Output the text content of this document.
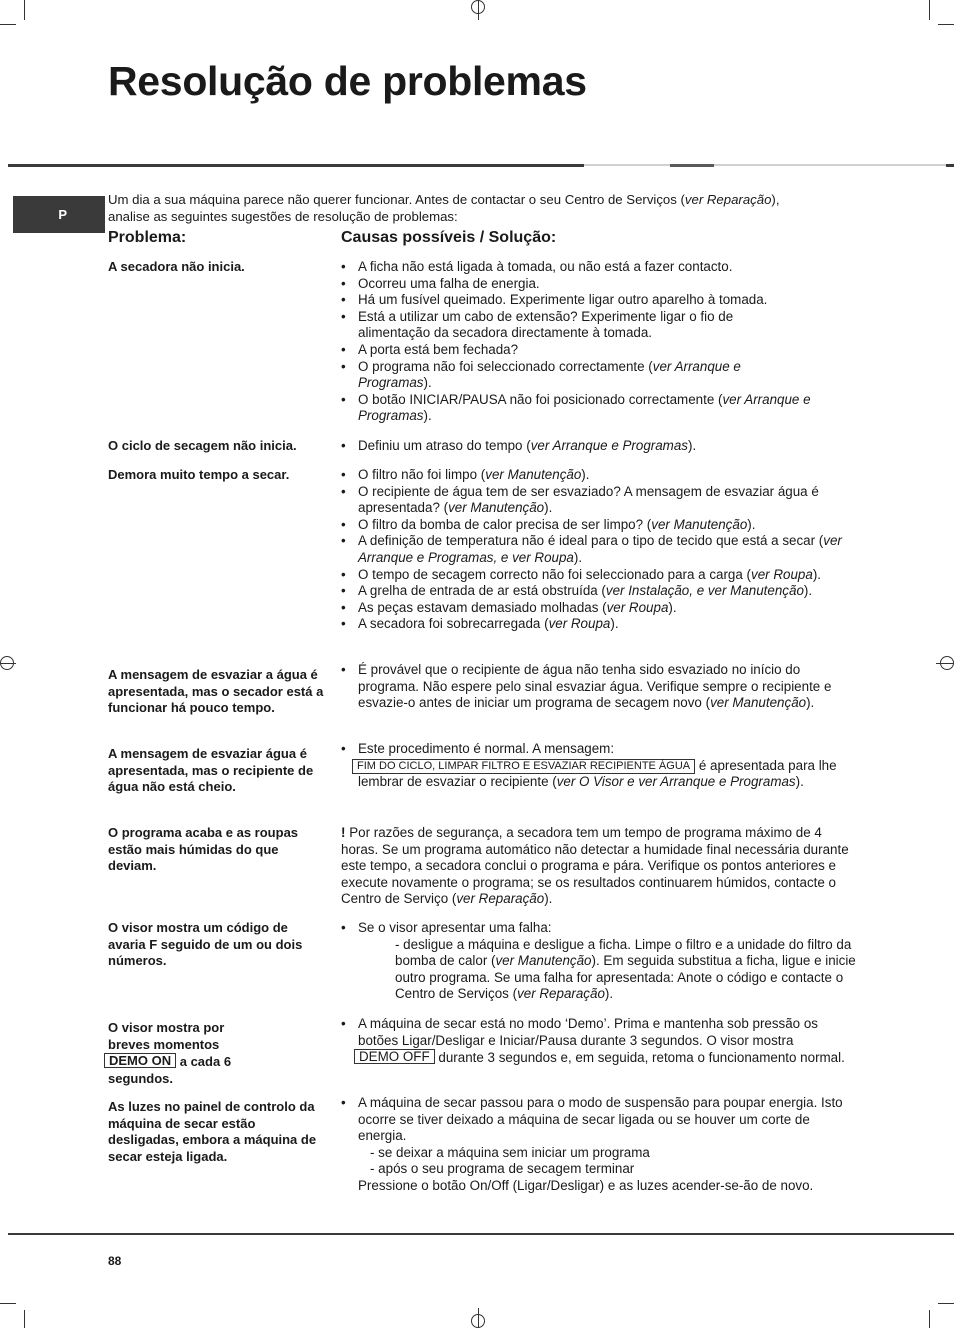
Resolução de problemas
P
Um dia a sua máquina parece não querer funcionar. Antes de contactar o seu Centro de Serviços (ver Reparação), analise as seguintes sugestões de resolução de problemas:
Problema:	Causas possíveis / Solução:
A secadora não inicia.	• A ficha não está ligada à tomada, ou não está a fazer contacto.
• Ocorreu uma falha de energia.
• Há um fusível queimado. Experimente ligar outro aparelho à tomada.
• Está a utilizar um cabo de extensão? Experimente ligar o fio de alimentação da secadora directamente à tomada.
• A porta está bem fechada?
• O programa não foi seleccionado correctamente (ver Arranque e Programas).
• O botão INICIAR/PAUSA não foi posicionado correctamente (ver Arranque e Programas).
O ciclo de secagem não inicia.	• Definiu um atraso do tempo (ver Arranque e Programas).
Demora muito tempo a secar.	• O filtro não foi limpo (ver Manutenção).
• O recipiente de água tem de ser esvaziado? A mensagem de esvaziar água é apresentada? (ver Manutenção).
• O filtro da bomba de calor precisa de ser limpo? (ver Manutenção).
• A definição de temperatura não é ideal para o tipo de tecido que está a secar (ver Arranque e Programas, e ver Roupa).
• O tempo de secagem correcto não foi seleccionado para a carga (ver Roupa).
• A grelha de entrada de ar está obstruída (ver Instalação, e ver Manutenção).
• As peças estavam demasiado molhadas (ver Roupa).
• A secadora foi sobrecarregada (ver Roupa).
A mensagem de esvaziar a água é apresentada, mas o secador está a funcionar há pouco tempo.
• É provável que o recipiente de água não tenha sido esvaziado no início do programa. Não espere pelo sinal esvaziar água. Verifique sempre o recipiente e esvazie-o antes de iniciar um programa de secagem novo (ver Manutenção).
A mensagem de esvaziar água é apresentada, mas o recipiente de água não está cheio.
• Este procedimento é normal. A mensagem:
FIM DO CICLO, LIMPAR FILTRO E ESVAZIAR RECIPIENTE ÁGUA é apresentada para lhe lembrar de esvaziar o recipiente (ver O Visor e ver Arranque e Programas).
O programa acaba e as roupas estão mais húmidas do que deviam.
! Por razões de segurança, a secadora tem um tempo de programa máximo de 4 horas. Se um programa automático não detectar a humidade final necessária durante este tempo, a secadora conclui o programa e pára. Verifique os pontos anteriores e execute novamente o programa; se os resultados continuarem húmidos, contacte o Centro de Serviço (ver Reparação).
O visor mostra um código de avaria F seguido de um ou dois números.
• Se o visor apresentar uma falha:
- desligue a máquina e desligue a ficha. Limpe o filtro e a unidade do filtro da bomba de calor (ver Manutenção). Em seguida substitua a ficha, ligue e inicie outro programa. Se uma falha for apresentada: Anote o código e contacte o Centro de Serviços (ver Reparação).
O visor mostra por breves momentos
DEMO ON a cada 6 segundos.
• A máquina de secar está no modo ‘Demo’. Prima e mantenha sob pressão os botões Ligar/Desligar e Iniciar/Pausa durante 3 segundos. O visor mostra
DEMO OFF durante 3 segundos e, em seguida, retoma o funcionamento normal.
As luzes no painel de controlo da máquina de secar estão desligadas, embora a máquina de secar esteja ligada.
• A máquina de secar passou para o modo de suspensão para poupar energia. Isto ocorre se tiver deixado a máquina de secar ligada ou se houver um corte de energia.
- se deixar a máquina sem iniciar um programa
- após o seu programa de secagem terminar
Pressione o botão On/Off (Ligar/Desligar) e as luzes acender-se-ão de novo.
88
